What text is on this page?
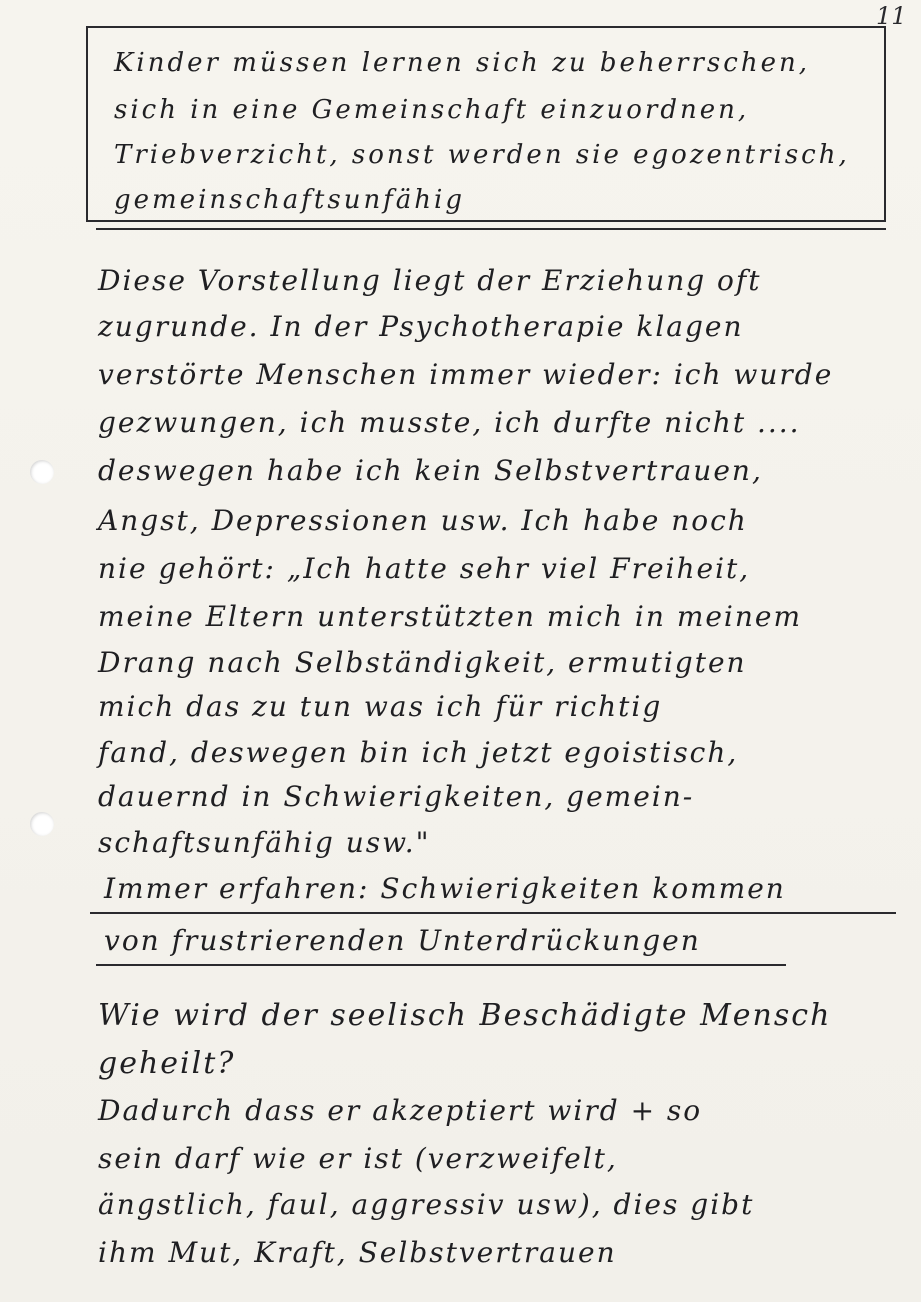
11
Kinder müssen lernen sich zu beherrschen,
sich in eine Gemeinschaft einzuordnen,
Triebverzicht, sonst werden sie egozentrisch,
gemeinschaftsunfähig
Diese Vorstellung liegt der Erziehung oft
zugrunde. In der Psychotherapie klagen
verstörte Menschen immer wieder: ich wurde
gezwungen, ich musste, ich durfte nicht ....
deswegen habe ich kein Selbstvertrauen,
Angst, Depressionen usw. Ich habe noch
nie gehört: „Ich hatte sehr viel Freiheit,
meine Eltern unterstützten mich in meinem
Drang nach Selbständigkeit, ermutigten
mich das zu tun was ich für richtig
fand, deswegen bin ich jetzt egoistisch,
dauernd in Schwierigkeiten, gemein-
schaftsunfähig usw."
Immer erfahren: Schwierigkeiten kommen
von frustrierenden Unterdrückungen
Wie wird der seelisch Beschädigte Mensch
geheilt?
Dadurch dass er akzeptiert wird + so
sein darf wie er ist (verzweifelt,
ängstlich, faul, aggressiv usw), dies gibt
ihm Mut, Kraft, Selbstvertrauen
